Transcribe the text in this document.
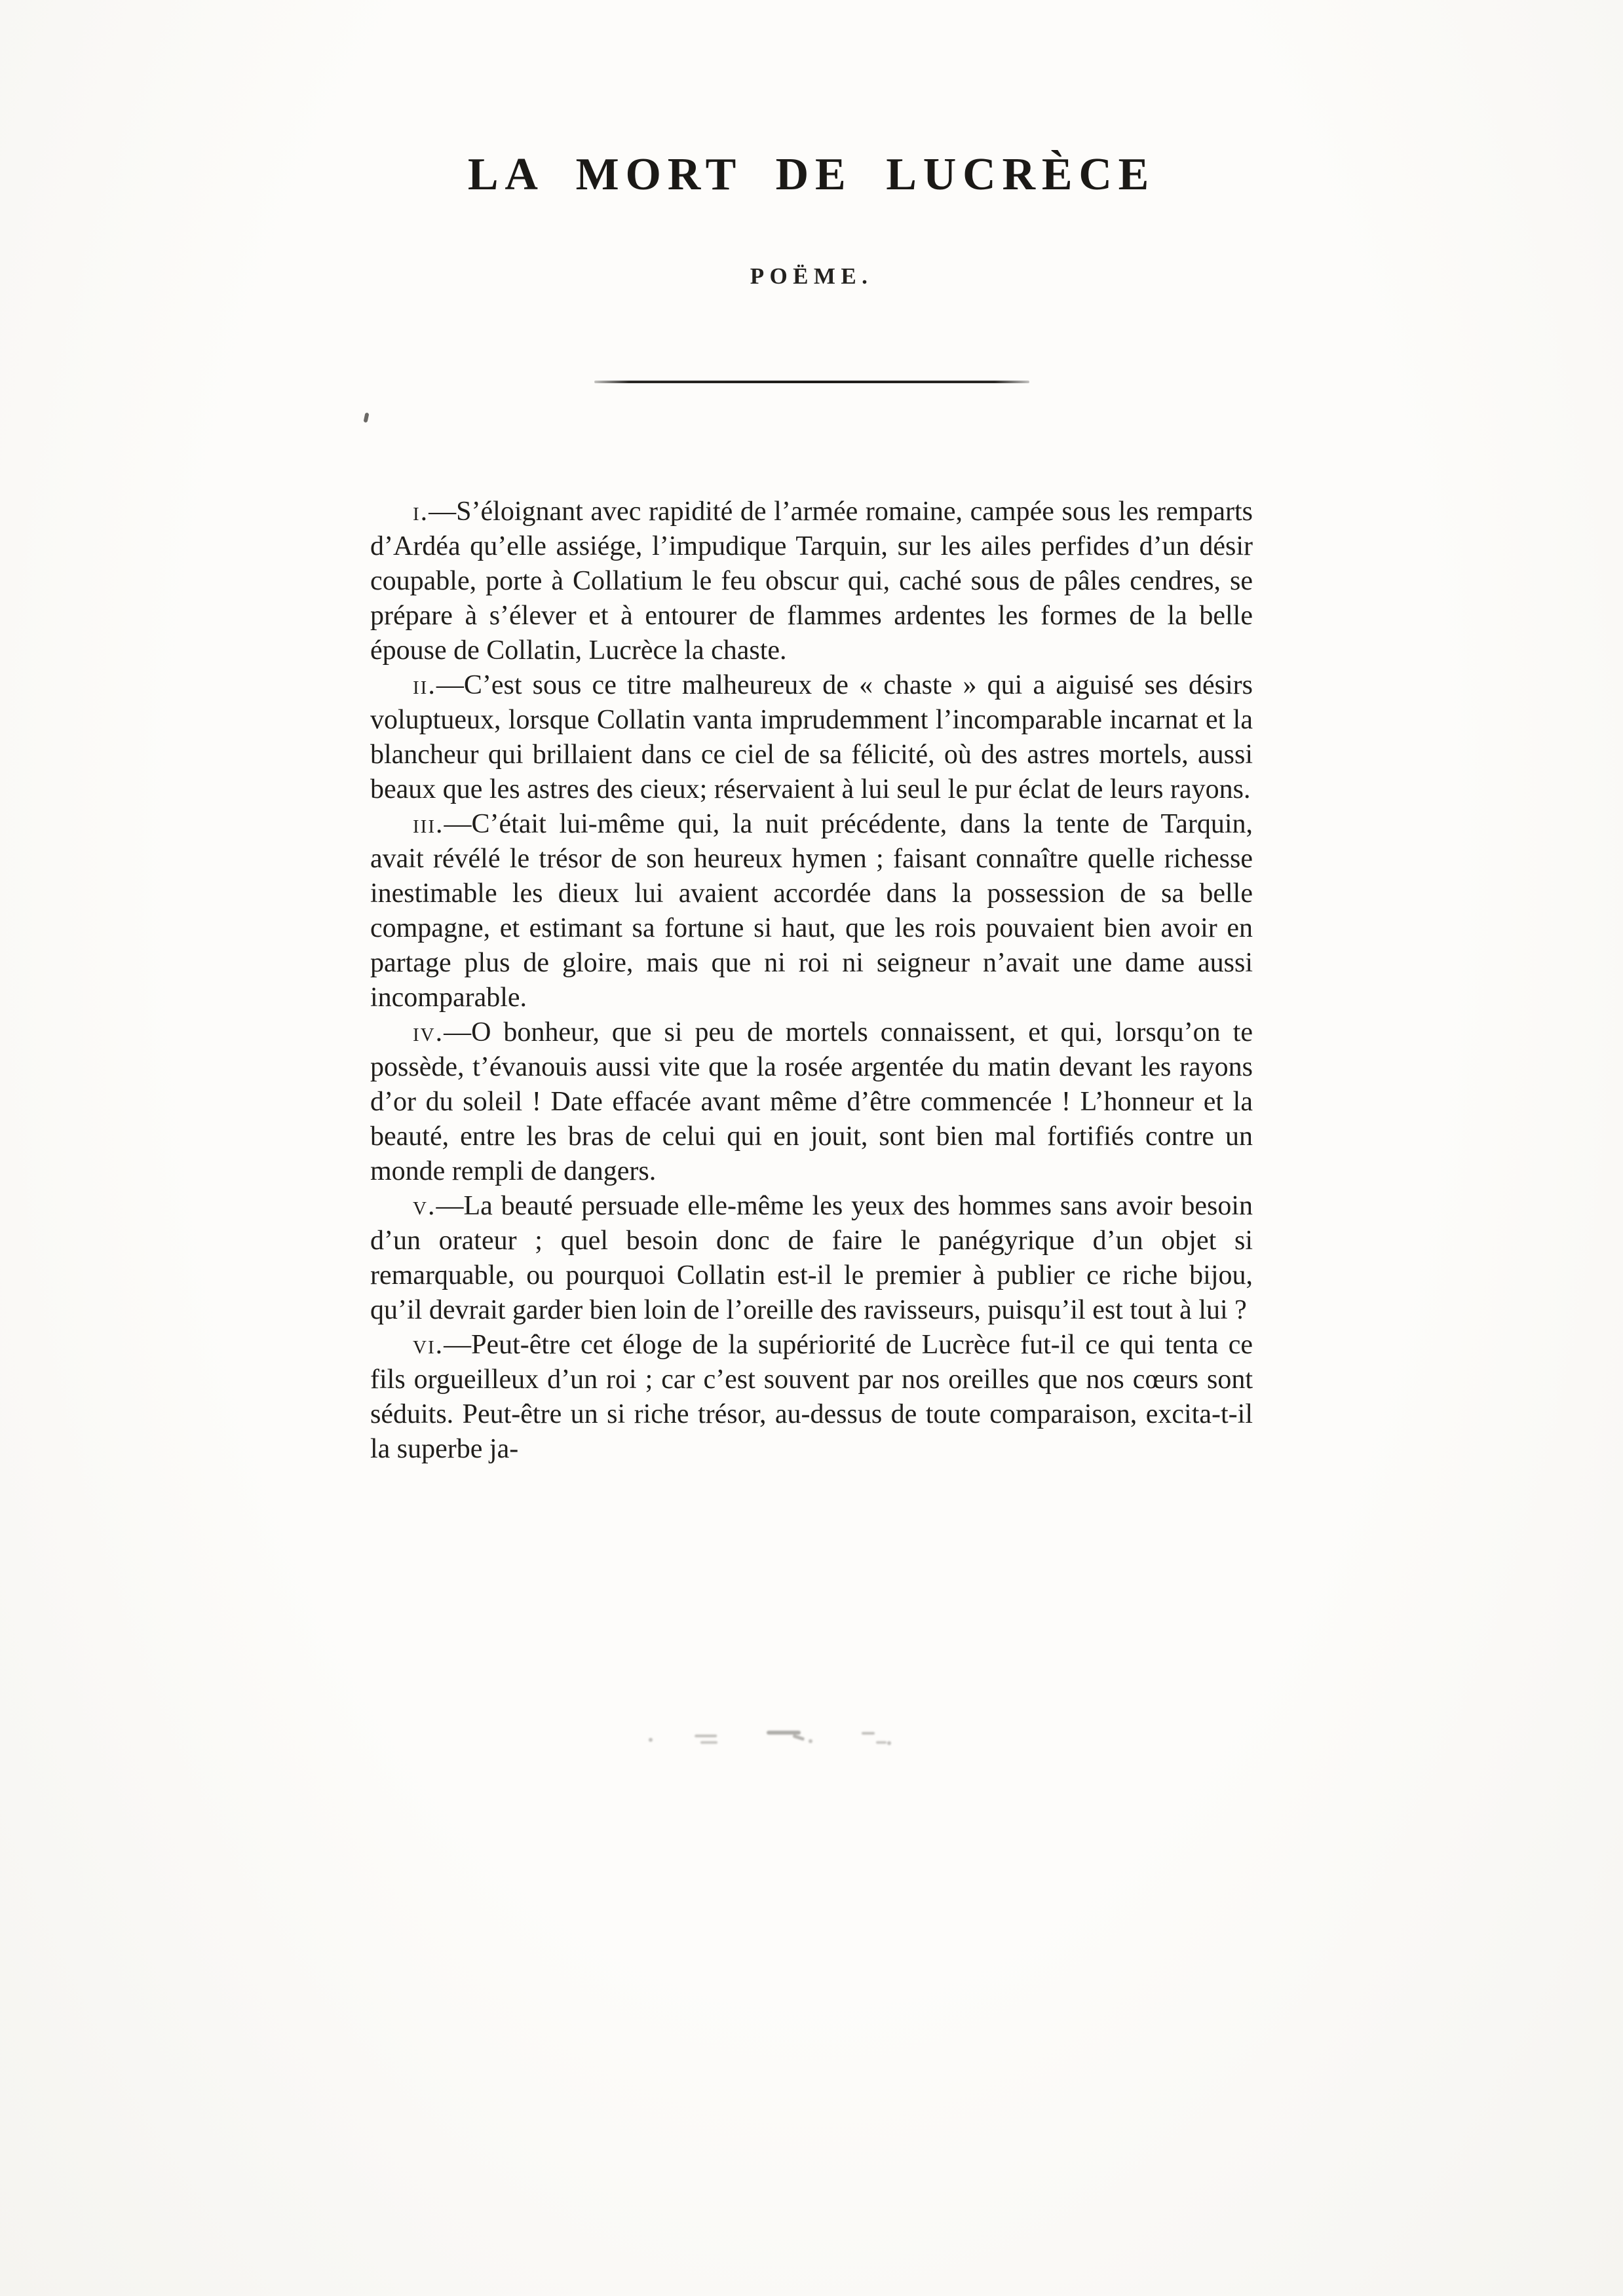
LA MORT DE LUCRÈCE
POËME.

i.—S’éloignant avec rapidité de l’armée romaine, campée sous les remparts d’Ardéa qu’elle assiége, l’impudique Tarquin, sur les ailes perfides d’un désir coupable, porte à Collatium le feu obscur qui, caché sous de pâles cendres, se prépare à s’élever et à entourer de flammes ardentes les formes de la belle épouse de Collatin, Lucrèce la chaste.

ii.—C’est sous ce titre malheureux de « chaste » qui a aiguisé ses désirs voluptueux, lorsque Collatin vanta imprudemment l’incomparable incarnat et la blancheur qui brillaient dans ce ciel de sa félicité, où des astres mortels, aussi beaux que les astres des cieux; réservaient à lui seul le pur éclat de leurs rayons.

iii.—C’était lui-même qui, la nuit précédente, dans la tente de Tarquin, avait révélé le trésor de son heureux hymen ; faisant connaître quelle richesse inestimable les dieux lui avaient accordée dans la possession de sa belle compagne, et estimant sa fortune si haut, que les rois pouvaient bien avoir en partage plus de gloire, mais que ni roi ni seigneur n’avait une dame aussi incomparable.

iv.—O bonheur, que si peu de mortels connaissent, et qui, lorsqu’on te possède, t’évanouis aussi vite que la rosée argentée du matin devant les rayons d’or du soleil ! Date effacée avant même d’être commencée ! L’honneur et la beauté, entre les bras de celui qui en jouit, sont bien mal fortifiés contre un monde rempli de dangers.

v.—La beauté persuade elle-même les yeux des hommes sans avoir besoin d’un orateur ; quel besoin donc de faire le panégyrique d’un objet si remarquable, ou pourquoi Collatin est-il le premier à publier ce riche bijou, qu’il devrait garder bien loin de l’oreille des ravisseurs, puisqu’il est tout à lui ?

vi.—Peut-être cet éloge de la supériorité de Lucrèce fut-il ce qui tenta ce fils orgueilleux d’un roi ; car c’est souvent par nos oreilles que nos cœurs sont séduits. Peut-être un si riche trésor, au-dessus de toute comparaison, excita-t-il la superbe ja-
